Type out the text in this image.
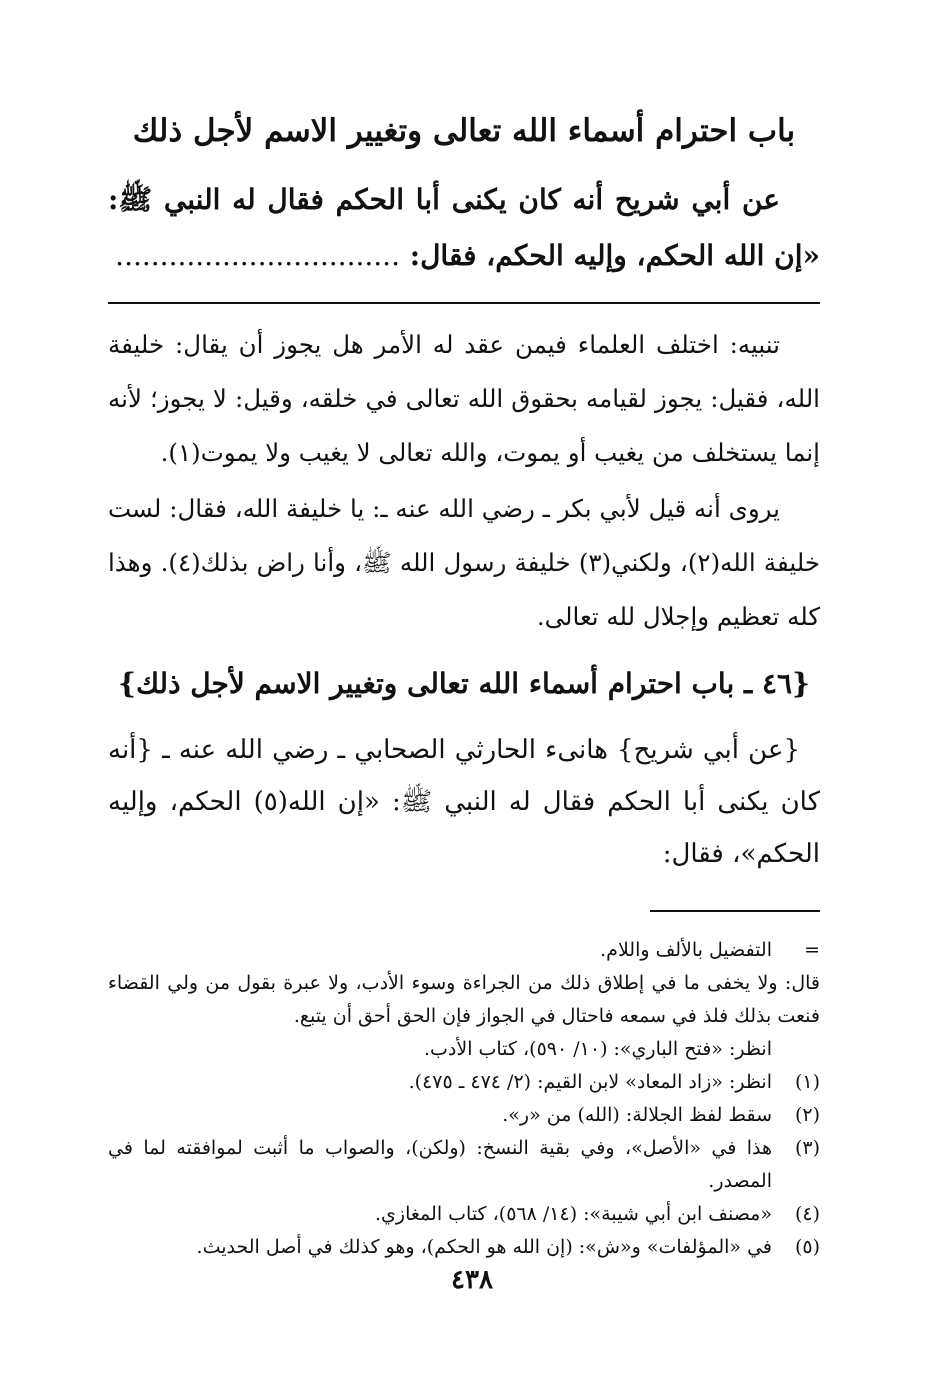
باب احترام أسماء الله تعالى وتغيير الاسم لأجل ذلك

عن أبي شريح أنه كان يكنى أبا الحكم فقال له النبي ﷺ: «إن الله الحكم، وإليه الحكم، فقال: ................................

تنبيه: اختلف العلماء فيمن عقد له الأمر هل يجوز أن يقال: خليفة الله، فقيل: يجوز لقيامه بحقوق الله تعالى في خلقه، وقيل: لا يجوز؛ لأنه إنما يستخلف من يغيب أو يموت، والله تعالى لا يغيب ولا يموت(١).

يروى أنه قيل لأبي بكر ـ رضي الله عنه ـ: يا خليفة الله، فقال: لست خليفة الله(٢)، ولكني(٣) خليفة رسول الله ﷺ، وأنا راض بذلك(٤). وهذا كله تعظيم وإجلال لله تعالى.

{٤٦ ـ باب احترام أسماء الله تعالى وتغيير الاسم لأجل ذلك}

{عن أبي شريح} هانىء الحارثي الصحابي ـ رضي الله عنه ـ {أنه كان يكنى أبا الحكم فقال له النبي ﷺ: «إن الله(٥) الحكم، وإليه الحكم»، فقال:

=
التفضيل بالألف واللام.

قال: ولا يخفى ما في إطلاق ذلك من الجراءة وسوء الأدب، ولا عبرة بقول من ولي القضاء فنعت بذلك فلذ في سمعه فاحتال في الجواز فإن الحق أحق أن يتبع.

انظر: «فتح الباري»: (١٠/ ٥٩٠)، كتاب الأدب.

(١)
انظر: «زاد المعاد» لابن القيم: (٢/ ٤٧٤ ـ ٤٧٥).
(٢)
سقط لفظ الجلالة: (الله) من «ر».
(٣)
هذا في «الأصل»، وفي بقية النسخ: (ولكن)، والصواب ما أثبت لموافقته لما في المصدر.
(٤)
«مصنف ابن أبي شيبة»: (١٤/ ٥٦٨)، كتاب المغازي.
(٥)
في «المؤلفات» و«ش»: (إن الله هو الحكم)، وهو كذلك في أصل الحديث.
٤٣٨
